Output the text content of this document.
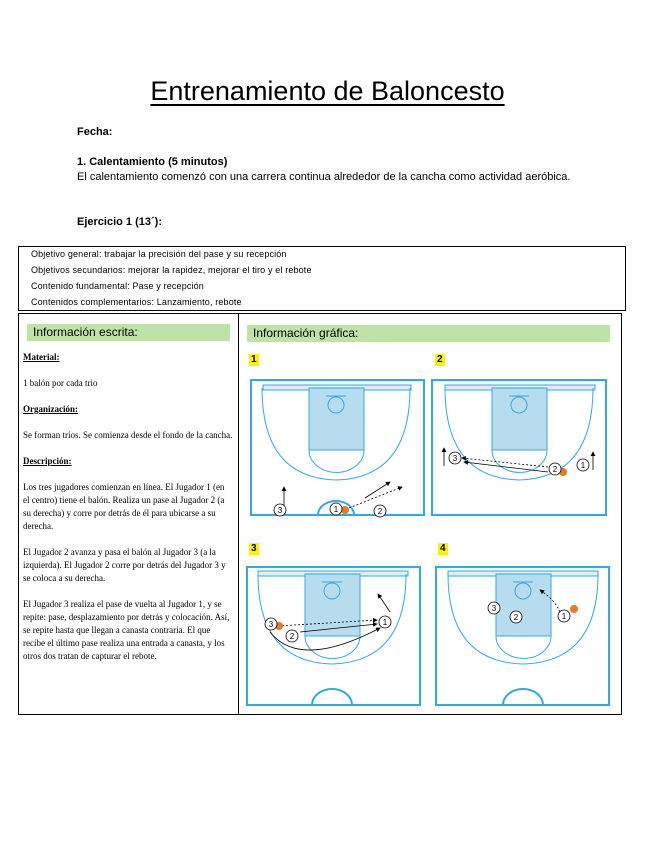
Entrenamiento de Baloncesto
Fecha:
1. Calentamiento (5 minutos)
El calentamiento comenzó con una carrera continua alrededor de la cancha como actividad aeróbica.
Ejercicio 1 (13´):
Objetivo general: trabajar la precisión del pase y su recepción
Objetivos secundarios: mejorar la rapidez, mejorar el tiro y el rebote
Contenido fundamental: Pase y recepción
Contenidos complementarios: Lanzamiento, rebote
Información escrita:	Información gráfica:

Material:

1 balón por cada trio

Organización:

Se forman tríos. Se comienza desde el fondo de la cancha.

Descripción:

Los tres jugadores comienzan en línea. El Jugador 1 (en el centro) tiene el balón. Realiza un pase al Jugador 2 (a su derecha) y corre por detrás de él para ubicarse a su derecha.

El Jugador 2 avanza y pasa el balón al Jugador 3 (a la izquierda). El Jugador 2 corre por detrás del Jugador 3 y se coloca a su derecha.

El Jugador 3 realiza el pase de vuelta al Jugador 1, y se repite: pase, desplazamiento por detrás y colocación. Así, se repite hasta que llegan a canasta contraria. El que recibe el último pase realiza una entrada a canasta, y los otros dos tratan de capturar el rebote.

1	2
3	4
3	1	2
3
2	1
3
2
1
3
2	1
